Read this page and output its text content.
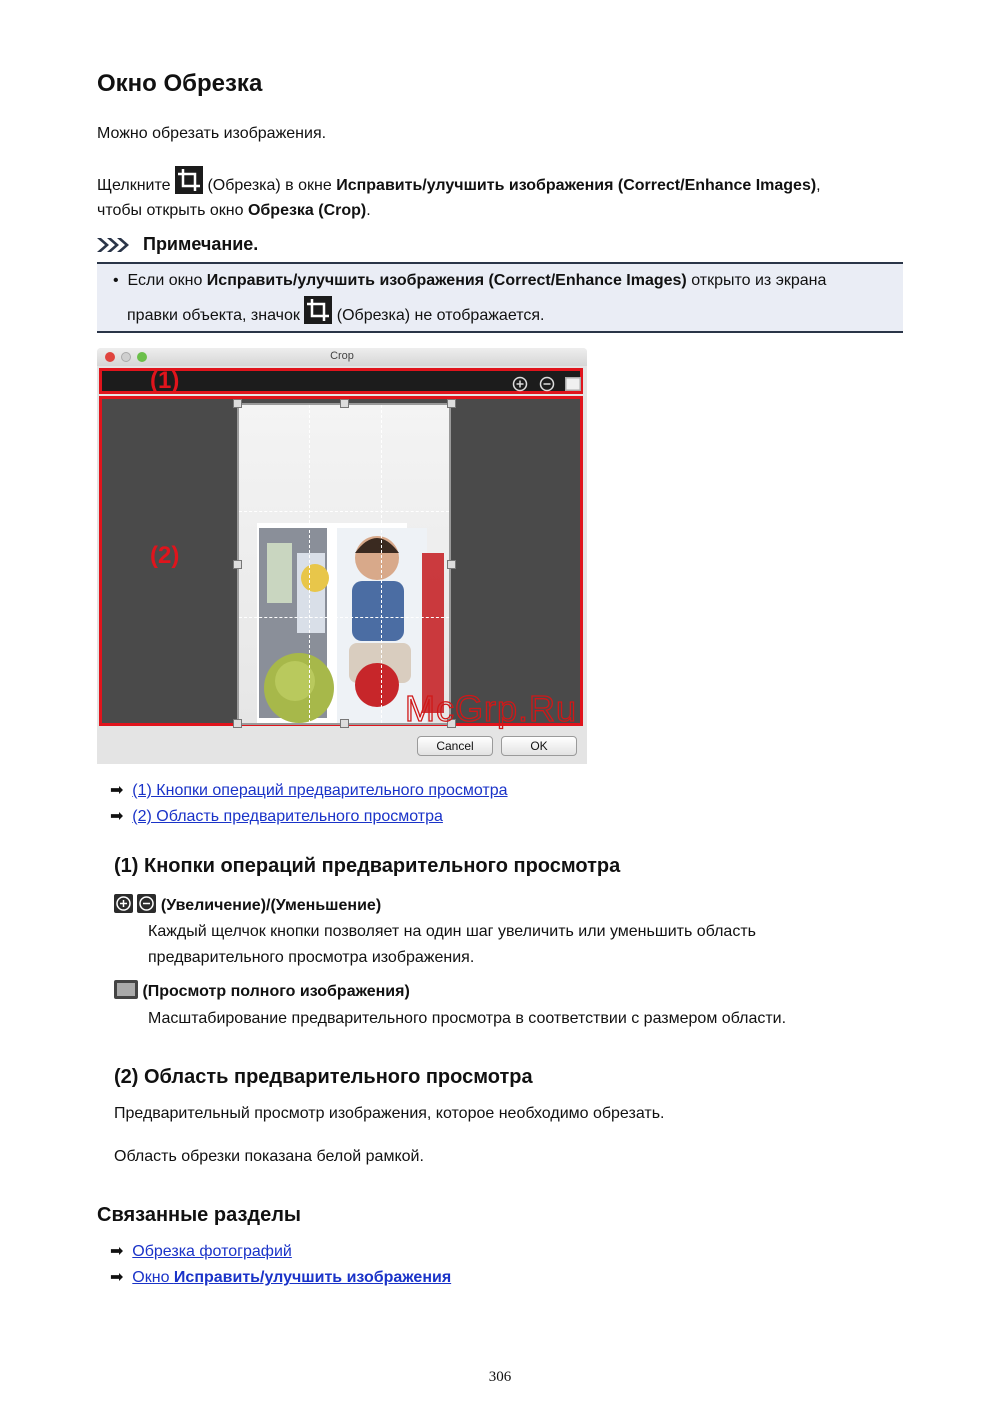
Окно Обрезка

Можно обрезать изображения.

Щелкните (Обрезка) в окне Исправить/улучшить изображения (Correct/Enhance Images),
чтобы открыть окно Обрезка (Crop).
Примечание.
• Если окно Исправить/улучшить изображения (Correct/Enhance Images) открыто из экрана
правки объекта, значок (Обрезка) не отображается.
Crop
(1)
(2)
Cancel	OK
McGrp.Ru
➡ (1) Кнопки операций предварительного просмотра
➡ (2) Область предварительного просмотра
(1) Кнопки операций предварительного просмотра
(Увеличение)/(Уменьшение)

Каждый щелчок кнопки позволяет на один шаг увеличить или уменьшить область

предварительного просмотра изображения.

(Просмотр полного изображения)

Масштабирование предварительного просмотра в соответствии с размером области.

(2) Область предварительного просмотра

Предварительный просмотр изображения, которое необходимо обрезать.

Область обрезки показана белой рамкой.

Связанные разделы
➡ Обрезка фотографий
➡ Окно Исправить/улучшить изображения
306
